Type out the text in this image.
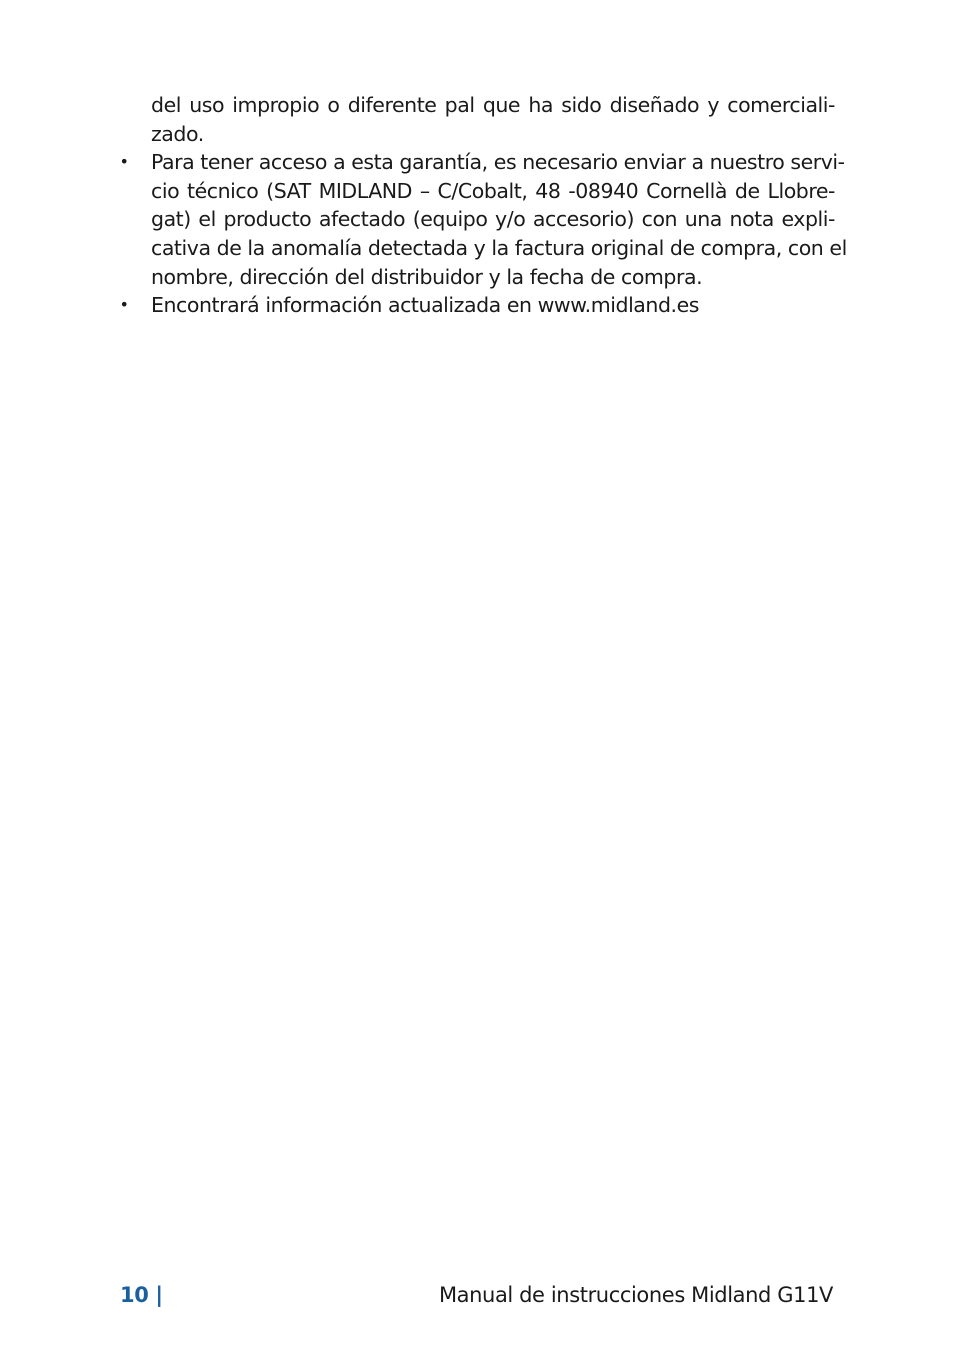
del uso impropio o diferente pal que ha sido diseñado y comerciali-
zado.

• Para tener acceso a esta garantía, es necesario enviar a nuestro servi-
cio técnico (SAT MIDLAND – C/Cobalt, 48 -08940 Cornellà de Llobre-
gat) el producto afectado (equipo y/o accesorio) con una nota expli-
cativa de la anomalía detectada y la factura original de compra, con el
nombre, dirección del distribuidor y la fecha de compra.
• Encontrará información actualizada en www.midland.es
10 |	Manual de instrucciones Midland G11V
